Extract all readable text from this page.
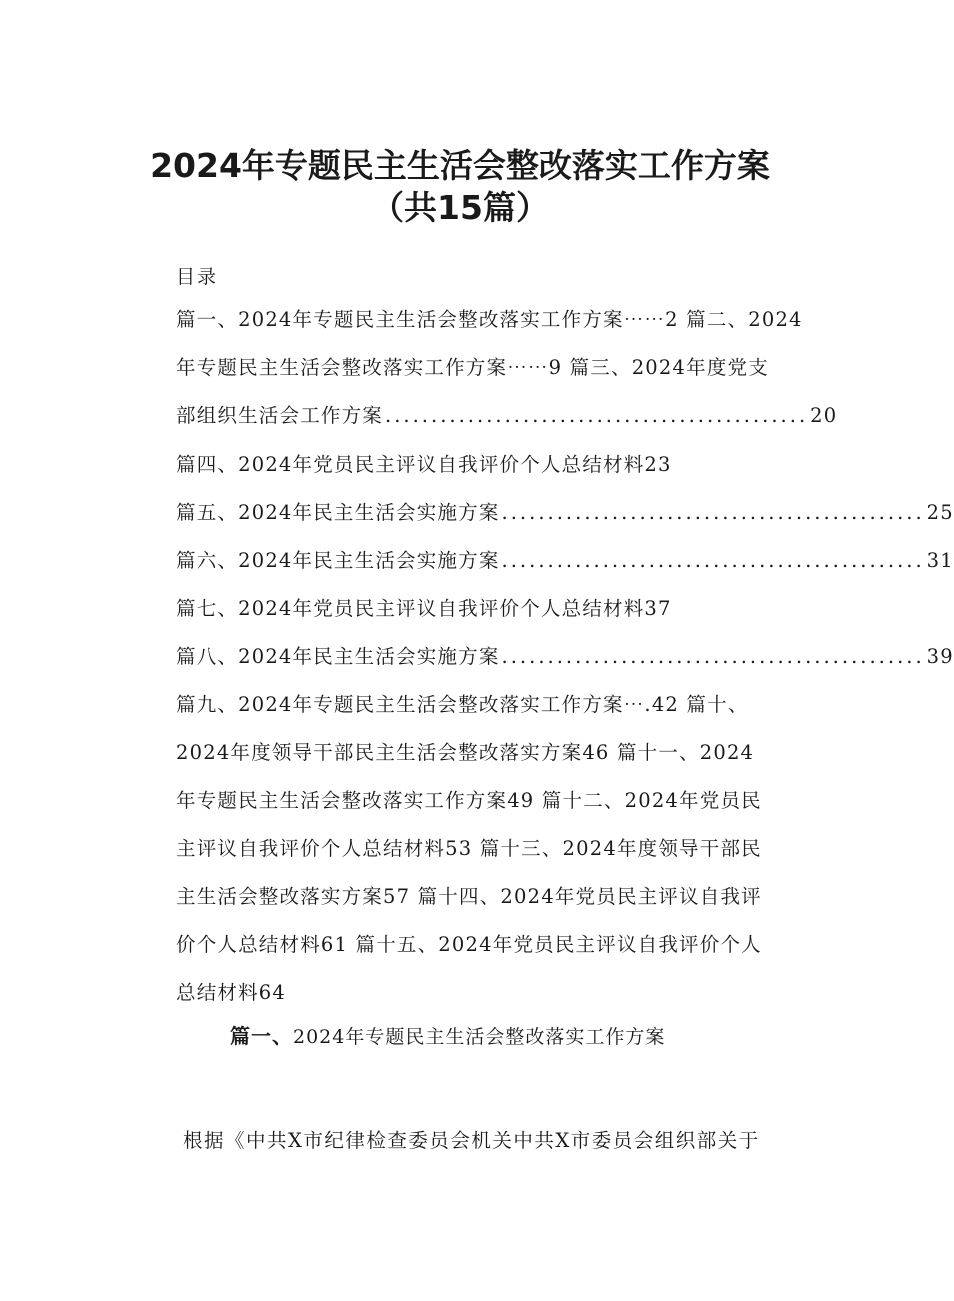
2024年专题民主生活会整改落实工作方案
（共15篇）
目录
篇一、2024年专题民主生活会整改落实工作方案⋯⋯2 篇二、2024
年专题民主生活会整改落实工作方案⋯⋯9 篇三、2024年度党支
部组织生活会工作方案 .............................................. 20
篇四、2024年党员民主评议自我评价个人总结材料23
篇五、2024年民主生活会实施方案 .............................................. 25
篇六、2024年民主生活会实施方案 .............................................. 31
篇七、2024年党员民主评议自我评价个人总结材料37
篇八、2024年民主生活会实施方案 .............................................. 39
篇九、2024年专题民主生活会整改落实工作方案⋯.42 篇十、
2024年度领导干部民主生活会整改落实方案46 篇十一、2024
年专题民主生活会整改落实工作方案49 篇十二、2024年党员民
主评议自我评价个人总结材料53 篇十三、2024年度领导干部民
主生活会整改落实方案57 篇十四、2024年党员民主评议自我评
价个人总结材料61 篇十五、2024年党员民主评议自我评价个人
总结材料64
篇一、2024年专题民主生活会整改落实工作方案
根据《中共X市纪律检查委员会机关中共X市委员会组织部关于
